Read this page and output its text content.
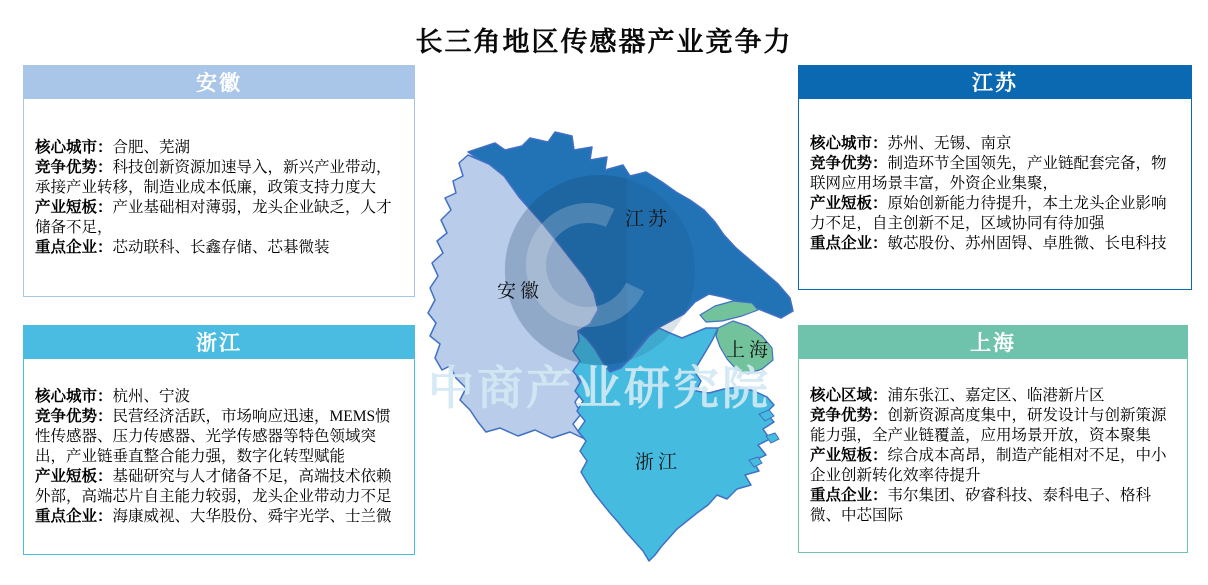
长三角地区传感器产业竞争力
安徽

核心城市：合肥、芜湖

竞争优势：科技创新资源加速导入，新兴产业带动，承接产业转移，制造业成本低廉，政策支持力度大

产业短板：产业基础相对薄弱，龙头企业缺乏，人才储备不足，

重点企业：芯动联科、长鑫存储、芯碁微装

江苏

核心城市：苏州、无锡、南京

竞争优势：制造环节全国领先，产业链配套完备，物联网应用场景丰富，外资企业集聚，

产业短板：原始创新能力待提升，本土龙头企业影响力不足，自主创新不足，区域协同有待加强

重点企业：敏芯股份、苏州固锝、卓胜微、长电科技

浙江

核心城市：杭州、宁波

竞争优势：民营经济活跃，市场响应迅速，MEMS惯性传感器、压力传感器、光学传感器等特色领域突出，产业链垂直整合能力强，数字化转型赋能

产业短板：基础研究与人才储备不足，高端技术依赖外部，高端芯片自主能力较弱，龙头企业带动力不足

重点企业：海康威视、大华股份、舜宇光学、士兰微

上海

核心区域：浦东张江、嘉定区、临港新片区

竞争优势：创新资源高度集中，研发设计与创新策源能力强，全产业链覆盖，应用场景开放，资本聚集

产业短板：综合成本高昂，制造产能相对不足，中小企业创新转化效率待提升

重点企业：韦尔集团、矽睿科技、泰科电子、格科微、中芯国际

江苏
安徽
浙江
上海
中商产业研究院
